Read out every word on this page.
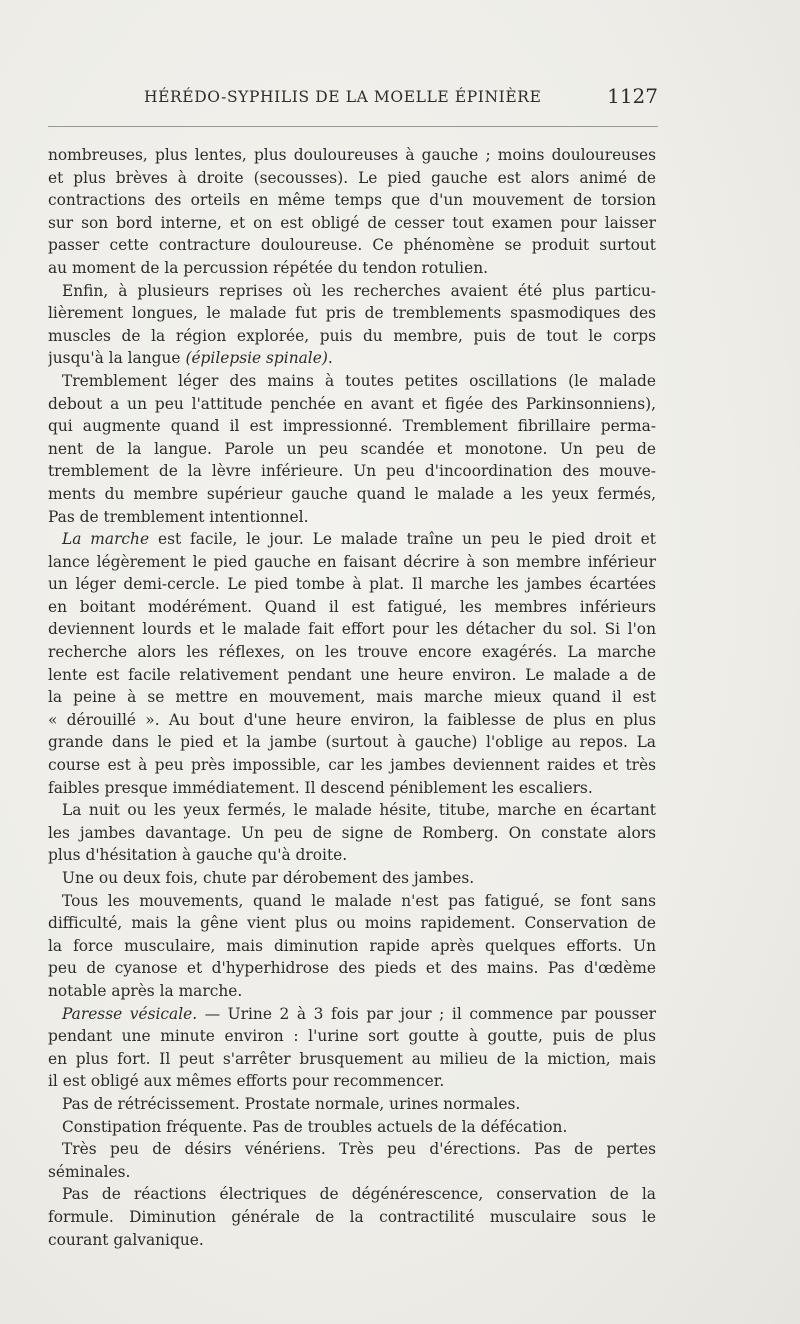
HÉRÉDO-SYPHILIS DE LA MOELLE ÉPINIÈRE	1127
nombreuses, plus lentes, plus douloureuses à gauche ; moins douloureuses
et plus brèves à droite (secousses). Le pied gauche est alors animé de
contractions des orteils en même temps que d'un mouvement de torsion
sur son bord interne, et on est obligé de cesser tout examen pour laisser
passer cette contracture douloureuse. Ce phénomène se produit surtout
au moment de la percussion répétée du tendon rotulien.
Enfin, à plusieurs reprises où les recherches avaient été plus particu-
lièrement longues, le malade fut pris de tremblements spasmodiques des
muscles de la région explorée, puis du membre, puis de tout le corps
jusqu'à la langue (épilepsie spinale).
Tremblement léger des mains à toutes petites oscillations (le malade
debout a un peu l'attitude penchée en avant et figée des Parkinsonniens),
qui augmente quand il est impressionné. Tremblement fibrillaire perma-
nent de la langue. Parole un peu scandée et monotone. Un peu de
tremblement de la lèvre inférieure. Un peu d'incoordination des mouve-
ments du membre supérieur gauche quand le malade a les yeux fermés,
Pas de tremblement intentionnel.
La marche est facile, le jour. Le malade traîne un peu le pied droit et
lance légèrement le pied gauche en faisant décrire à son membre inférieur
un léger demi-cercle. Le pied tombe à plat. Il marche les jambes écartées
en boitant modérément. Quand il est fatigué, les membres inférieurs
deviennent lourds et le malade fait effort pour les détacher du sol. Si l'on
recherche alors les réflexes, on les trouve encore exagérés. La marche
lente est facile relativement pendant une heure environ. Le malade a de
la peine à se mettre en mouvement, mais marche mieux quand il est
« dérouillé ». Au bout d'une heure environ, la faiblesse de plus en plus
grande dans le pied et la jambe (surtout à gauche) l'oblige au repos. La
course est à peu près impossible, car les jambes deviennent raides et très
faibles presque immédiatement. Il descend péniblement les escaliers.
La nuit ou les yeux fermés, le malade hésite, titube, marche en écartant
les jambes davantage. Un peu de signe de Romberg. On constate alors
plus d'hésitation à gauche qu'à droite.
Une ou deux fois, chute par dérobement des jambes.
Tous les mouvements, quand le malade n'est pas fatigué, se font sans
difficulté, mais la gêne vient plus ou moins rapidement. Conservation de
la force musculaire, mais diminution rapide après quelques efforts. Un
peu de cyanose et d'hyperhidrose des pieds et des mains. Pas d'œdème
notable après la marche.
Paresse vésicale. — Urine 2 à 3 fois par jour ; il commence par pousser
pendant une minute environ : l'urine sort goutte à goutte, puis de plus
en plus fort. Il peut s'arrêter brusquement au milieu de la miction, mais
il est obligé aux mêmes efforts pour recommencer.
Pas de rétrécissement. Prostate normale, urines normales.
Constipation fréquente. Pas de troubles actuels de la défécation.
Très peu de désirs vénériens. Très peu d'érections. Pas de pertes
séminales.
Pas de réactions électriques de dégénérescence, conservation de la
formule. Diminution générale de la contractilité musculaire sous le
courant galvanique.
